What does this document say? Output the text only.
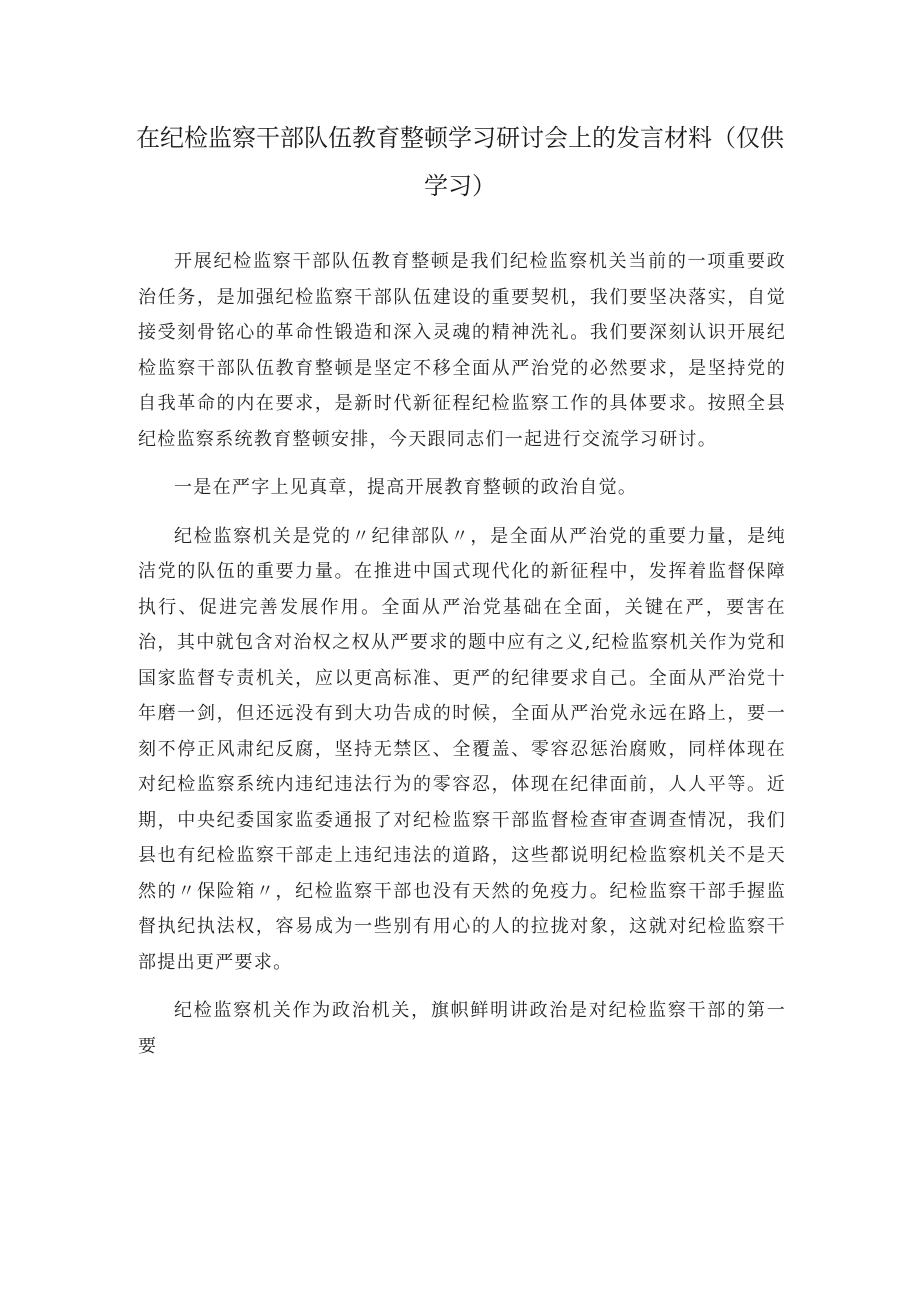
在纪检监察干部队伍教育整顿学习研讨会上的发言材料（仅供学习）

开展纪检监察干部队伍教育整顿是我们纪检监察机关当前的一项重要政治任务，是加强纪检监察干部队伍建设的重要契机，我们要坚决落实，自觉接受刻骨铭心的革命性锻造和深入灵魂的精神洗礼。我们要深刻认识开展纪检监察干部队伍教育整顿是坚定不移全面从严治党的必然要求，是坚持党的自我革命的内在要求，是新时代新征程纪检监察工作的具体要求。按照全县纪检监察系统教育整顿安排，今天跟同志们一起进行交流学习研讨。

一是在严字上见真章，提高开展教育整顿的政治自觉。

纪检监察机关是党的〃纪律部队〃，是全面从严治党的重要力量，是纯洁党的队伍的重要力量。在推进中国式现代化的新征程中，发挥着监督保障执行、促进完善发展作用。全面从严治党基础在全面，关键在严，要害在治，其中就包含对治权之权从严要求的题中应有之义,纪检监察机关作为党和国家监督专责机关，应以更高标准、更严的纪律要求自己。全面从严治党十年磨一剑，但还远没有到大功告成的时候，全面从严治党永远在路上，要一刻不停正风肃纪反腐，坚持无禁区、全覆盖、零容忍惩治腐败，同样体现在对纪检监察系统内违纪违法行为的零容忍，体现在纪律面前，人人平等。近期，中央纪委国家监委通报了对纪检监察干部监督检查审查调查情况，我们县也有纪检监察干部走上违纪违法的道路，这些都说明纪检监察机关不是天然的〃保险箱〃，纪检监察干部也没有天然的免疫力。纪检监察干部手握监督执纪执法权，容易成为一些别有用心的人的拉拢对象，这就对纪检监察干部提出更严要求。

纪检监察机关作为政治机关，旗帜鲜明讲政治是对纪检监察干部的第一要
